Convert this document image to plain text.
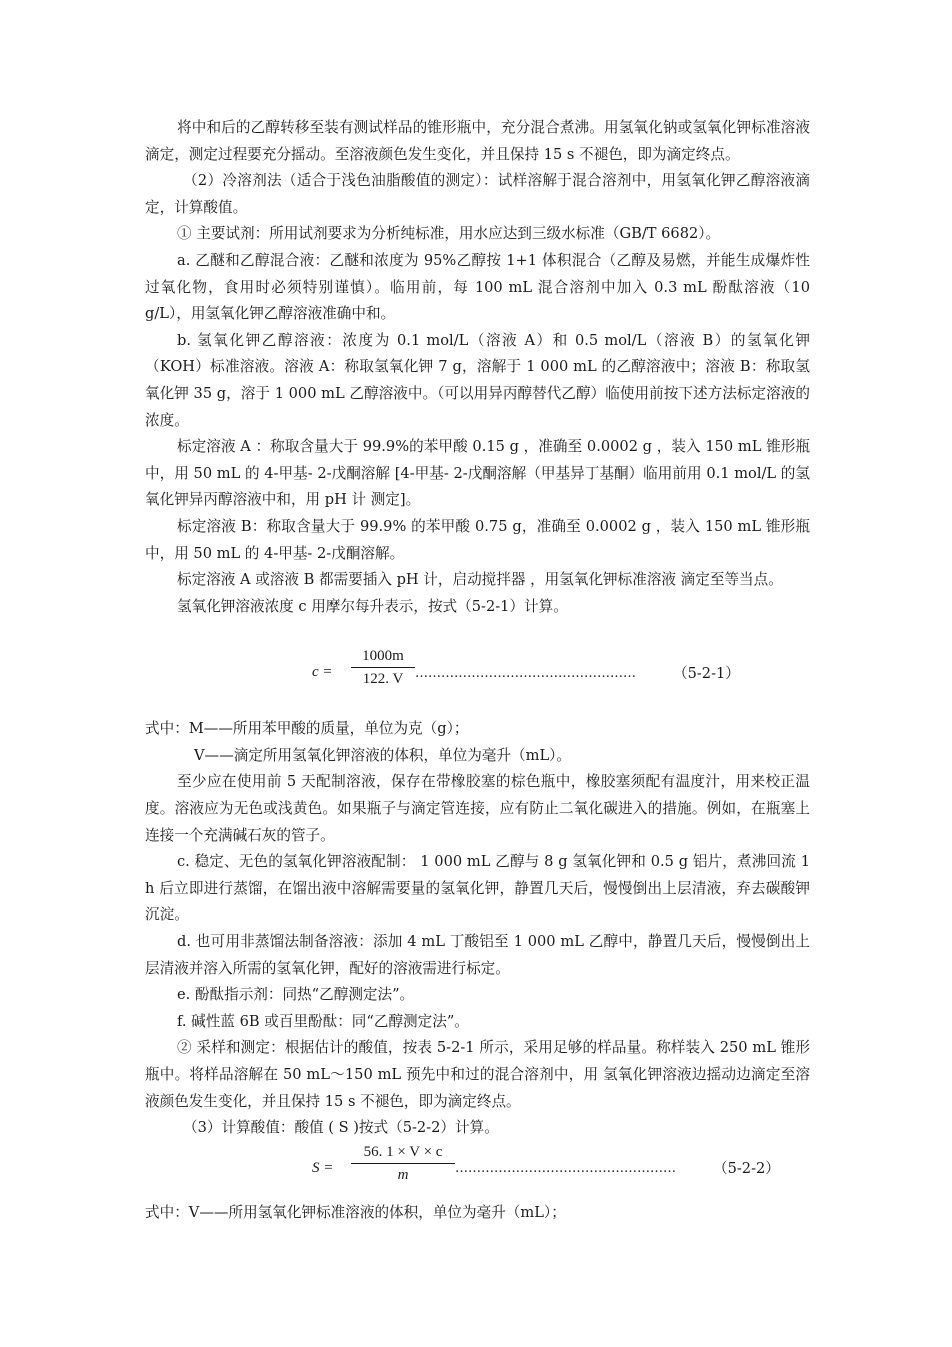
将中和后的乙醇转移至装有测试样品的锥形瓶中，充分混合煮沸。用氢氧化钠或氢氧化钾标准溶液滴定，测定过程要充分摇动。至溶液颜色发生变化，并且保持 15 s 不褪色，即为滴定终点。

（2）冷溶剂法（适合于浅色油脂酸值的测定）：试样溶解于混合溶剂中，用氢氧化钾乙醇溶液滴定，计算酸值。

① 主要试剂：所用试剂要求为分析纯标准，用水应达到三级水标准（GB/T 6682）。

a. 乙醚和乙醇混合液：乙醚和浓度为 95%乙醇按 1+1 体积混合（乙醇及易燃，并能生成爆炸性过氧化物，食用时必须特别谨慎）。临用前，每 100 mL 混合溶剂中加入 0.3 mL 酚酞溶液（10 g/L），用氢氧化钾乙醇溶液准确中和。

b. 氢氧化钾乙醇溶液：浓度为 0.1 mol/L（溶液 A）和 0.5 mol/L（溶液 B）的氢氧化钾（KOH）标准溶液。溶液 A：称取氢氧化钾 7 g，溶解于 1 000 mL 的乙醇溶液中；溶液 B：称取氢氧化钾 35 g，溶于 1 000 mL 乙醇溶液中。（可以用异丙醇替代乙醇）临使用前按下述方法标定溶液的浓度。

标定溶液 A ：称取含量大于 99.9%的苯甲酸 0.15 g ，准确至 0.0002 g ，装入 150 mL 锥形瓶中，用 50 mL 的 4-甲基- 2-戊酮溶解 [4-甲基- 2-戊酮溶解（甲基异丁基酮）临用前用 0.1 mol/L 的氢氧化钾异丙醇溶液中和，用 pH 计 测定]。

标定溶液 B：称取含量大于 99.9% 的苯甲酸 0.75 g，准确至 0.0002 g ，装入 150 mL 锥形瓶中，用 50 mL 的 4-甲基- 2-戊酮溶解。

标定溶液 A 或溶液 B 都需要插入 pH 计，启动搅拌器 ，用氢氧化钾标准溶液 滴定至等当点。

氢氧化钾溶液浓度 c 用摩尔每升表示，按式（5-2-1）计算。

$c = \frac{1000m}{122. V}$ ……………………………………………	（5-2-1）

式中：M——所用苯甲酸的质量，单位为克（g）；

V——滴定所用氢氧化钾溶液的体积，单位为毫升（mL）。

至少应在使用前 5 天配制溶液，保存在带橡胶塞的棕色瓶中，橡胶塞须配有温度汁，用来校正温度。溶液应为无色或浅黄色。如果瓶子与滴定管连接，应有防止二氧化碳进入的措施。例如，在瓶塞上连接一个充满碱石灰的管子。

c. 稳定、无色的氢氧化钾溶液配制： 1 000 mL 乙醇与 8 g 氢氧化钾和 0.5 g 铝片，煮沸回流 1 h 后立即进行蒸馏，在馏出液中溶解需要量的氢氧化钾，静置几天后，慢慢倒出上层清液，弃去碳酸钾沉淀。

d. 也可用非蒸馏法制备溶液：添加 4 mL 丁酸铝至 1 000 mL 乙醇中，静置几天后，慢慢倒出上层清液并溶入所需的氢氧化钾，配好的溶液需进行标定。

e. 酚酞指示剂：同热“乙醇测定法”。

f. 碱性蓝 6B 或百里酚酞：同“乙醇测定法”。

② 采样和测定：根据估计的酸值，按表 5-2-1 所示，采用足够的样品量。称样装入 250 mL 锥形瓶中。将样品溶解在 50 mL～150 mL 预先中和过的混合溶剂中，用 氢氧化钾溶液边摇动边滴定至溶液颜色发生变化，并且保持 15 s 不褪色，即为滴定终点。

（3）计算酸值：酸值 ( S )按式（5-2-2）计算。

$S = \frac{56. 1 \times V \times c}{m}$ ……………………………………………	（5-2-2）

式中：V——所用氢氧化钾标准溶液的体积，单位为毫升（mL）；
